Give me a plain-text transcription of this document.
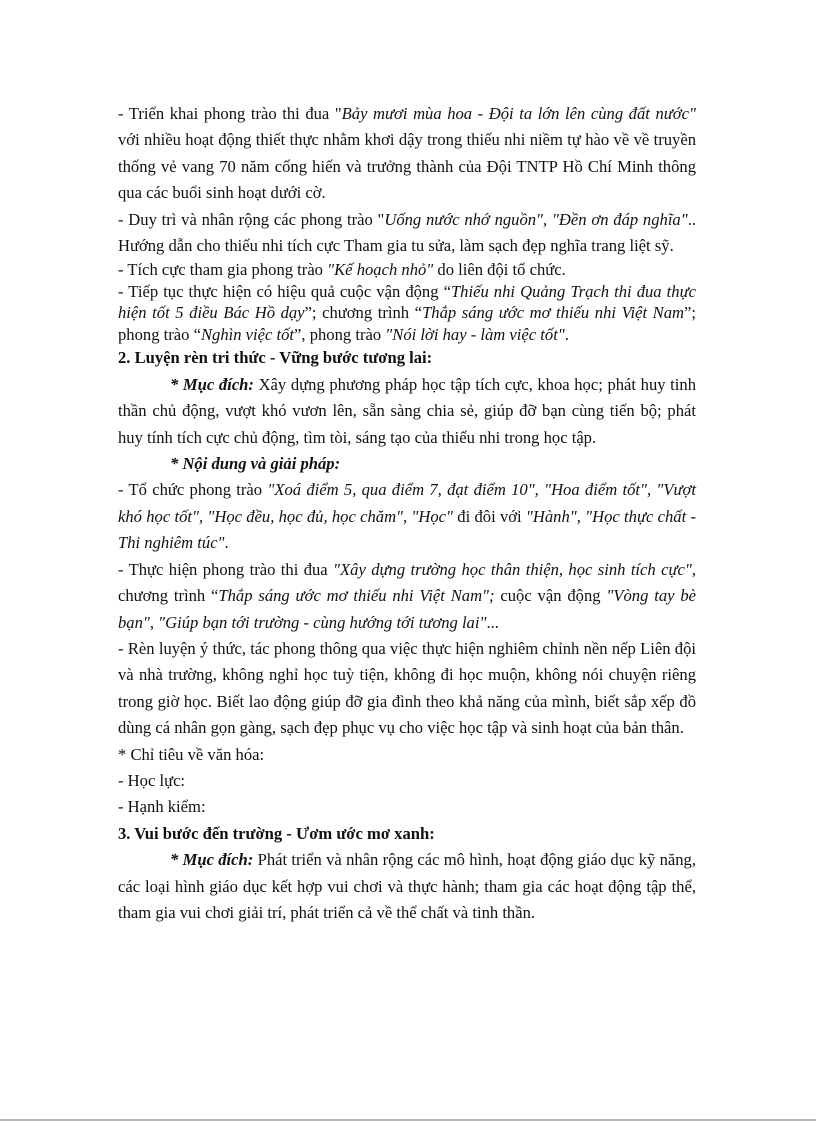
- Triển khai phong trào thi đua "Bảy mươi mùa hoa - Đội ta lớn lên cùng đất nước" với nhiều hoạt động thiết thực nhằm khơi dậy trong thiếu nhi niềm tự hào về về truyền thống vẻ vang 70 năm cống hiến và trưởng thành của Đội TNTP Hồ Chí Minh thông qua các buổi sinh hoạt dưới cờ.

- Duy trì và nhân rộng các phong trào "Uống nước nhớ nguồn", "Đền ơn đáp nghĩa".. Hướng dẫn cho thiếu nhi tích cực Tham gia tu sửa, làm sạch đẹp nghĩa trang liệt sỹ.

- Tích cực tham gia phong trào "Kế hoạch nhỏ" do liên đội tổ chức.

- Tiếp tục thực hiện có hiệu quả cuộc vận động “Thiếu nhi Quảng Trạch thi đua thực hiện tốt 5 điều Bác Hồ dạy”; chương trình “Thắp sáng ước mơ thiếu nhi Việt Nam”; phong trào “Nghìn việc tốt”, phong trào "Nói lời hay - làm việc tốt".

2. Luyện rèn tri thức - Vững bước tương lai:

* Mục đích: Xây dựng phương pháp học tập tích cực, khoa học; phát huy tinh thần chủ động, vượt khó vươn lên, sẵn sàng chia sẻ, giúp đỡ bạn cùng tiến bộ; phát huy tính tích cực chủ động, tìm tòi, sáng tạo của thiếu nhi trong học tập.

* Nội dung và giải pháp:

- Tổ chức phong trào "Xoá điểm 5, qua điểm 7, đạt điểm 10", "Hoa điểm tốt", "Vượt khó học tốt", "Học đều, học đủ, học chăm", "Học" đi đôi với "Hành", "Học thực chất - Thi nghiêm túc".

- Thực hiện phong trào thi đua "Xây dựng trường học thân thiện, học sinh tích cực", chương trình “Thắp sáng ước mơ thiếu nhi Việt Nam"; cuộc vận động "Vòng tay bè bạn", "Giúp bạn tới trường - cùng hướng tới tương lai"...

- Rèn luyện ý thức, tác phong thông qua việc thực hiện nghiêm chỉnh nền nếp Liên đội và nhà trường, không nghỉ học tuỳ tiện, không đi học muộn, không nói chuyện riêng trong giờ học. Biết lao động giúp đỡ gia đình theo khả năng của mình, biết sắp xếp đồ dùng cá nhân gọn gàng, sạch đẹp phục vụ cho việc học tập và sinh hoạt của bản thân.

* Chỉ tiêu về văn hóa:

- Học lực:

- Hạnh kiểm:

3. Vui bước đến trường - Ươm ước mơ xanh:

* Mục đích: Phát triển và nhân rộng các mô hình, hoạt động giáo dục kỹ năng, các loại hình giáo dục kết hợp vui chơi và thực hành; tham gia các hoạt động tập thể, tham gia vui chơi giải trí, phát triển cả về thể chất và tinh thần.
